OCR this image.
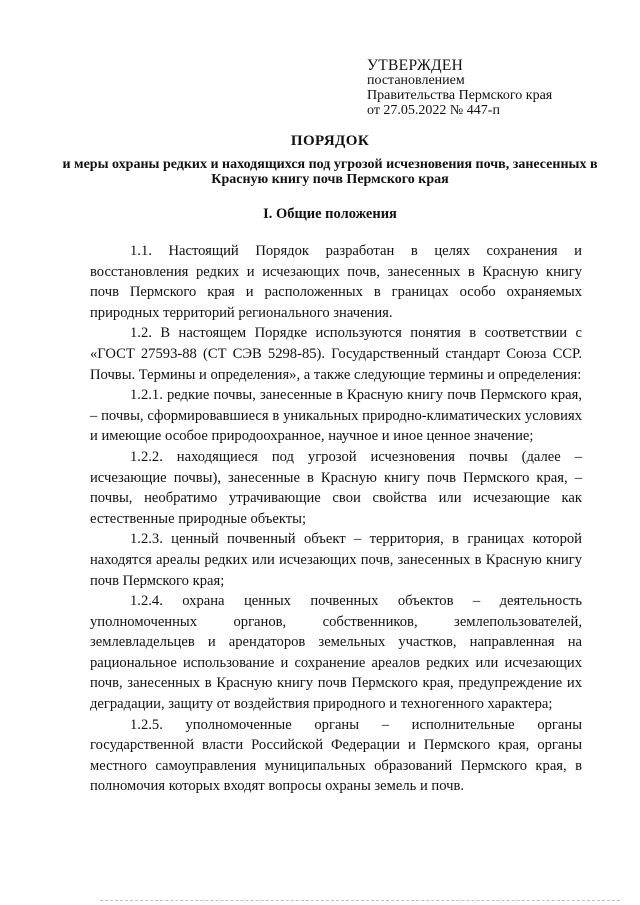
УТВЕРЖДЕН
постановлением
Правительства Пермского края
от 27.05.2022 № 447-п
ПОРЯДОК
и меры охраны редких и находящихся под угрозой исчезновения почв, занесенных в Красную книгу почв Пермского края
I. Общие положения

1.1. Настоящий Порядок разработан в целях сохранения и восстановления редких и исчезающих почв, занесенных в Красную книгу почв Пермского края и расположенных в границах особо охраняемых природных территорий регионального значения.

1.2. В настоящем Порядке используются понятия в соответствии с «ГОСТ 27593-88 (СТ СЭВ 5298-85). Государственный стандарт Союза ССР. Почвы. Термины и определения», а также следующие термины и определения:

1.2.1. редкие почвы, занесенные в Красную книгу почв Пермского края, – почвы, сформировавшиеся в уникальных природно-климатических условиях и имеющие особое природоохранное, научное и иное ценное значение;

1.2.2. находящиеся под угрозой исчезновения почвы (далее – исчезающие почвы), занесенные в Красную книгу почв Пермского края, – почвы, необратимо утрачивающие свои свойства или исчезающие как естественные природные объекты;

1.2.3. ценный почвенный объект – территория, в границах которой находятся ареалы редких или исчезающих почв, занесенных в Красную книгу почв Пермского края;

1.2.4. охрана ценных почвенных объектов – деятельность уполномоченных органов, собственников, землепользователей, землевладельцев и арендаторов земельных участков, направленная на рациональное использование и сохранение ареалов редких или исчезающих почв, занесенных в Красную книгу почв Пермского края, предупреждение их деградации, защиту от воздействия природного и техногенного характера;

1.2.5. уполномоченные органы – исполнительные органы государственной власти Российской Федерации и Пермского края, органы местного самоуправления муниципальных образований Пермского края, в полномочия которых входят вопросы охраны земель и почв.
